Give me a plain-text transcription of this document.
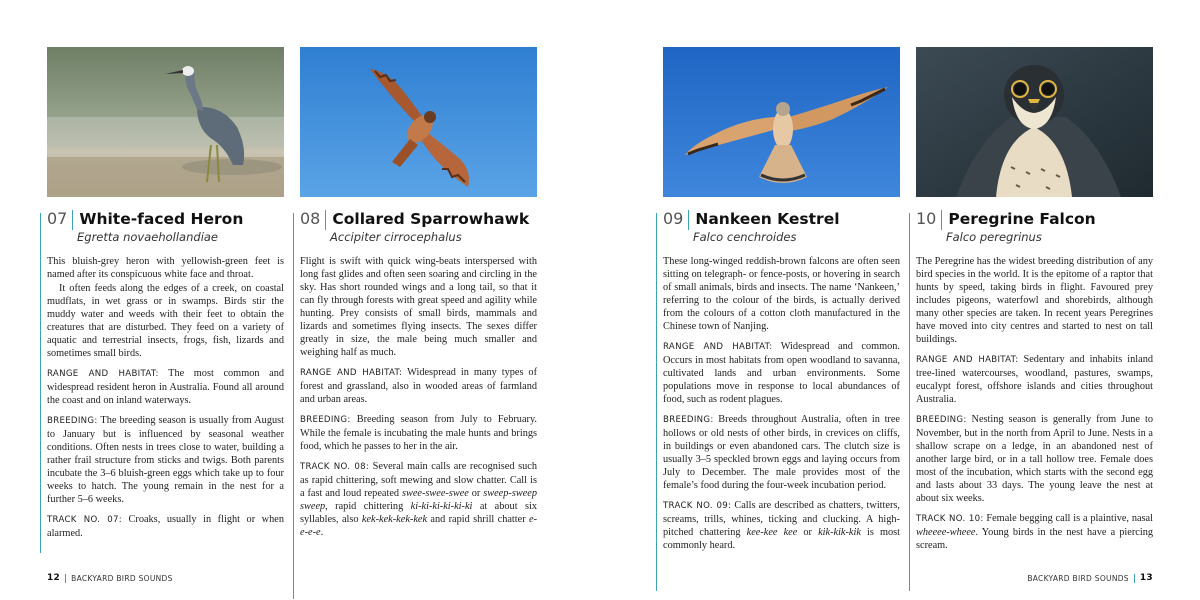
07 White-faced Heron
Egretta novaehollandiae

This bluish-grey heron with yellowish-green feet is named after its conspicuous white face and throat.

It often feeds along the edges of a creek, on coastal mudflats, in wet grass or in swamps. Birds stir the muddy water and weeds with their feet to obtain the creatures that are disturbed. They feed on a variety of aquatic and terrestrial insects, frogs, fish, lizards and sometimes small birds.

RANGE AND HABITAT: The most common and widespread resident heron in Australia. Found all around the coast and on inland waterways.

BREEDING: The breeding season is usually from August to January but is influenced by seasonal weather conditions. Often nests in trees close to water, building a rather frail structure from sticks and twigs. Both parents incubate the 3–6 bluish-green eggs which take up to four weeks to hatch. The young remain in the nest for a further 5–6 weeks.

TRACK NO. 07: Croaks, usually in flight or when alarmed.

08 Collared Sparrowhawk
Accipiter cirrocephalus

Flight is swift with quick wing-beats interspersed with long fast glides and often seen soaring and circling in the sky. Has short rounded wings and a long tail, so that it can fly through forests with great speed and agility while hunting. Prey consists of small birds, mammals and lizards and sometimes flying insects. The sexes differ greatly in size, the male being much smaller and weighing half as much.

RANGE AND HABITAT: Widespread in many types of forest and grassland, also in wooded areas of farmland and urban areas.

BREEDING: Breeding season from July to February. While the female is incubating the male hunts and brings food, which he passes to her in the air.

TRACK NO. 08: Several main calls are recognised such as rapid chittering, soft mewing and slow chatter. Call is a fast and loud repeated swee-swee-swee or sweep-sweep sweep, rapid chittering ki-ki-ki-ki-ki-ki at about six syllables, also kek-kek-kek-kek and rapid shrill chatter e-e-e-e.

09 Nankeen Kestrel
Falco cenchroides

These long-winged reddish-brown falcons are often seen sitting on telegraph- or fence-posts, or hovering in search of small animals, birds and insects. The name ‘Nankeen,’ referring to the colour of the birds, is actually derived from the colours of a cotton cloth manufactured in the Chinese town of Nanjing.

RANGE AND HABITAT: Widespread and common. Occurs in most habitats from open woodland to savanna, cultivated lands and urban environments. Some populations move in response to local abundances of food, such as rodent plagues.

BREEDING: Breeds throughout Australia, often in tree hollows or old nests of other birds, in crevices on cliffs, in buildings or even abandoned cars. The clutch size is usually 3–5 speckled brown eggs and laying occurs from July to December. The male provides most of the female’s food during the four-week incubation period.

TRACK NO. 09: Calls are described as chatters, twitters, screams, trills, whines, ticking and clucking. A high-pitched chattering kee-kee kee or kik-kik-kik is most commonly heard.

10 Peregrine Falcon
Falco peregrinus

The Peregrine has the widest breeding distribution of any bird species in the world. It is the epitome of a raptor that hunts by speed, taking birds in flight. Favoured prey includes pigeons, waterfowl and shorebirds, although many other species are taken. In recent years Peregrines have moved into city centres and started to nest on tall buildings.

RANGE AND HABITAT: Sedentary and inhabits inland tree-lined watercourses, woodland, pastures, swamps, eucalypt forest, offshore islands and cities throughout Australia.

BREEDING: Nesting season is generally from June to November, but in the north from April to June. Nests in a shallow scrape on a ledge, in an abandoned nest of another large bird, or in a tall hollow tree. Female does most of the incubation, which starts with the second egg and lasts about 33 days. The young leave the nest at about six weeks.

TRACK NO. 10: Female begging call is a plaintive, nasal wheeee-wheee. Young birds in the nest have a piercing scream.

12 BACKYARD BIRD SOUNDS	BACKYARD BIRD SOUNDS 13
